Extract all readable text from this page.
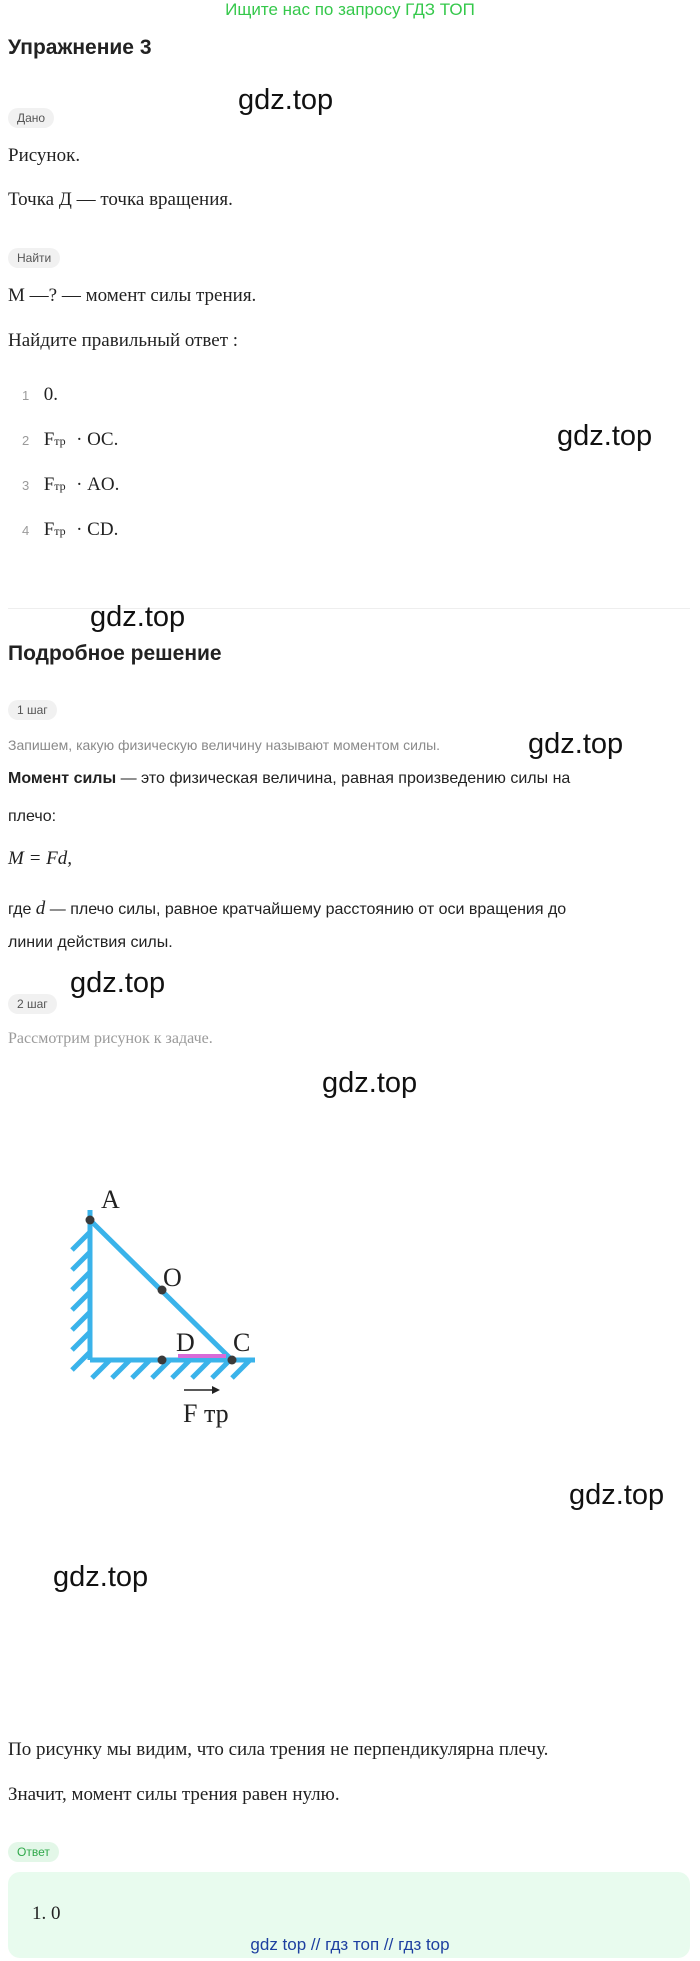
Ищите нас по запросу ГДЗ ТОП
Упражнение 3
gdz.top
Дано
Рисунок.
Точка Д — точка вращения.
Найти
М —? — момент силы трения.
Найдите правильный ответ :
1 0.
2 Fтр · OC.
3 Fтр · AO.
4 Fтр · CD.
gdz.top
gdz.top
Подробное решение
1 шаг
Запишем, какую физическую величину называют моментом силы.	gdz.top
Момент силы — это физическая величина, равная произведению силы на
плечо:
M = Fd,
где d — плечо силы, равное кратчайшему расстоянию от оси вращения до
линии действия силы.
gdz.top
2 шаг
Рассмотрим рисунок к задаче.
gdz.top
A
O
D C
F тр
gdz.top
gdz.top
По рисунку мы видим, что сила трения не перпендикулярна плечу.
Значит, момент силы трения равен нулю.
Ответ
1. 0
gdz top // гдз топ // гдз top
